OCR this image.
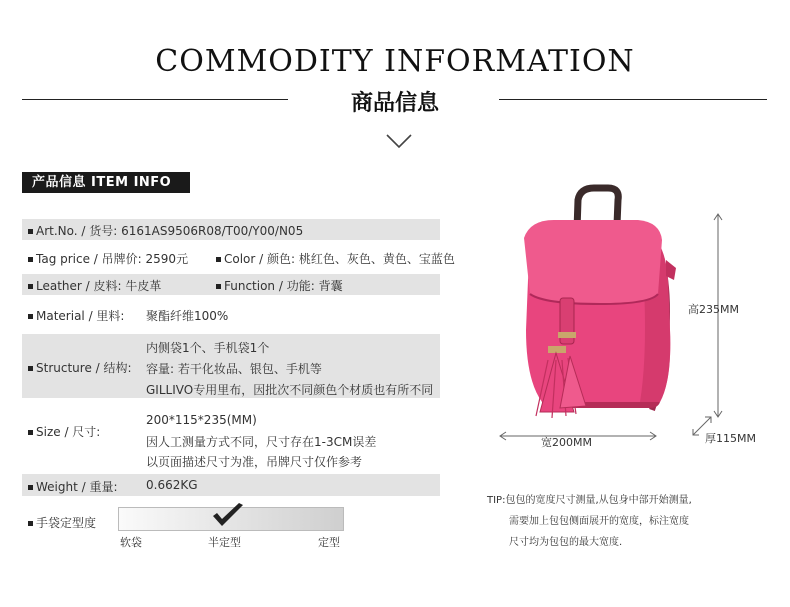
COMMODITY INFORMATION
商品信息
产品信息 ITEM INFO
Art.No. / 货号: 6161AS9506R08/T00/Y00/N05
Tag price / 吊牌价: 2590元	Color / 颜色: 桃红色、灰色、黄色、宝蓝色
Leather / 皮料: 牛皮革	Function / 功能: 背囊
Material / 里料: 聚酯纤维100%
Structure / 结构:
内侧袋1个、手机袋1个
容量: 若干化妆品、银包、手机等
GILLIVO专用里布，因批次不同颜色个材质也有所不同
Size / 尺寸:
200*115*235(MM)
因人工测量方式不同，尺寸存在1-3CM误差
以页面描述尺寸为准，吊牌尺寸仅作参考
Weight / 重量: 0.662KG
手袋定型度
软袋	半定型	定型
高235MM
宽200MM	厚115MM
TIP:包包的宽度尺寸测量,从包身中部开始测量,
需要加上包包侧面展开的宽度，标注宽度
尺寸均为包包的最大宽度.
